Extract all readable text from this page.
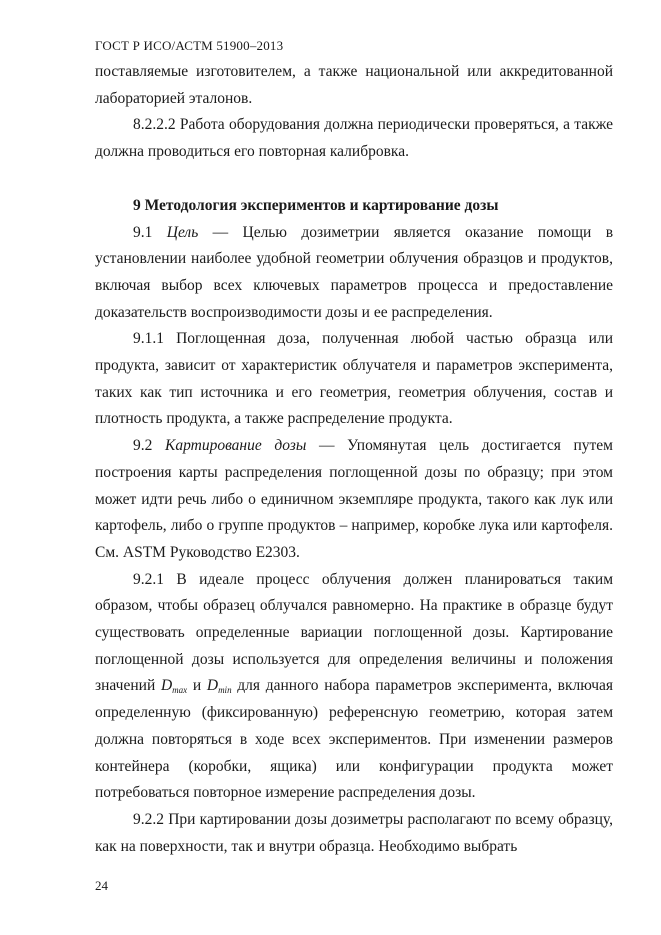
ГОСТ Р ИСО/АСТМ 51900–2013

поставляемые изготовителем, а также национальной или аккредитованной лабораторией эталонов.

8.2.2.2 Работа оборудования должна периодически проверяться, а также должна проводиться его повторная калибровка.

9 Методология экспериментов и картирование дозы

9.1 Цель — Целью дозиметрии является оказание помощи в установлении наиболее удобной геометрии облучения образцов и продуктов, включая выбор всех ключевых параметров процесса и предоставление доказательств воспроизводимости дозы и ее распределения.

9.1.1 Поглощенная доза, полученная любой частью образца или продукта, зависит от характеристик облучателя и параметров эксперимента, таких как тип источника и его геометрия, геометрия облучения, состав и плотность продукта, а также распределение продукта.

9.2 Картирование дозы — Упомянутая цель достигается путем построения карты распределения поглощенной дозы по образцу; при этом может идти речь либо о единичном экземпляре продукта, такого как лук или картофель, либо о группе продуктов – например, коробке лука или картофеля. См. ASTM Руководство E2303.

9.2.1 В идеале процесс облучения должен планироваться таким образом, чтобы образец облучался равномерно. На практике в образце будут существовать определенные вариации поглощенной дозы. Картирование поглощенной дозы используется для определения величины и положения значений $D_{max}$ и $D_{min}$ для данного набора параметров эксперимента, включая определенную (фиксированную) референсную геометрию, которая затем должна повторяться в ходе всех экспериментов. При изменении размеров контейнера (коробки, ящика) или конфигурации продукта может потребоваться повторное измерение распределения дозы.

9.2.2 При картировании дозы дозиметры располагают по всему образцу, как на поверхности, так и внутри образца. Необходимо выбрать

24
